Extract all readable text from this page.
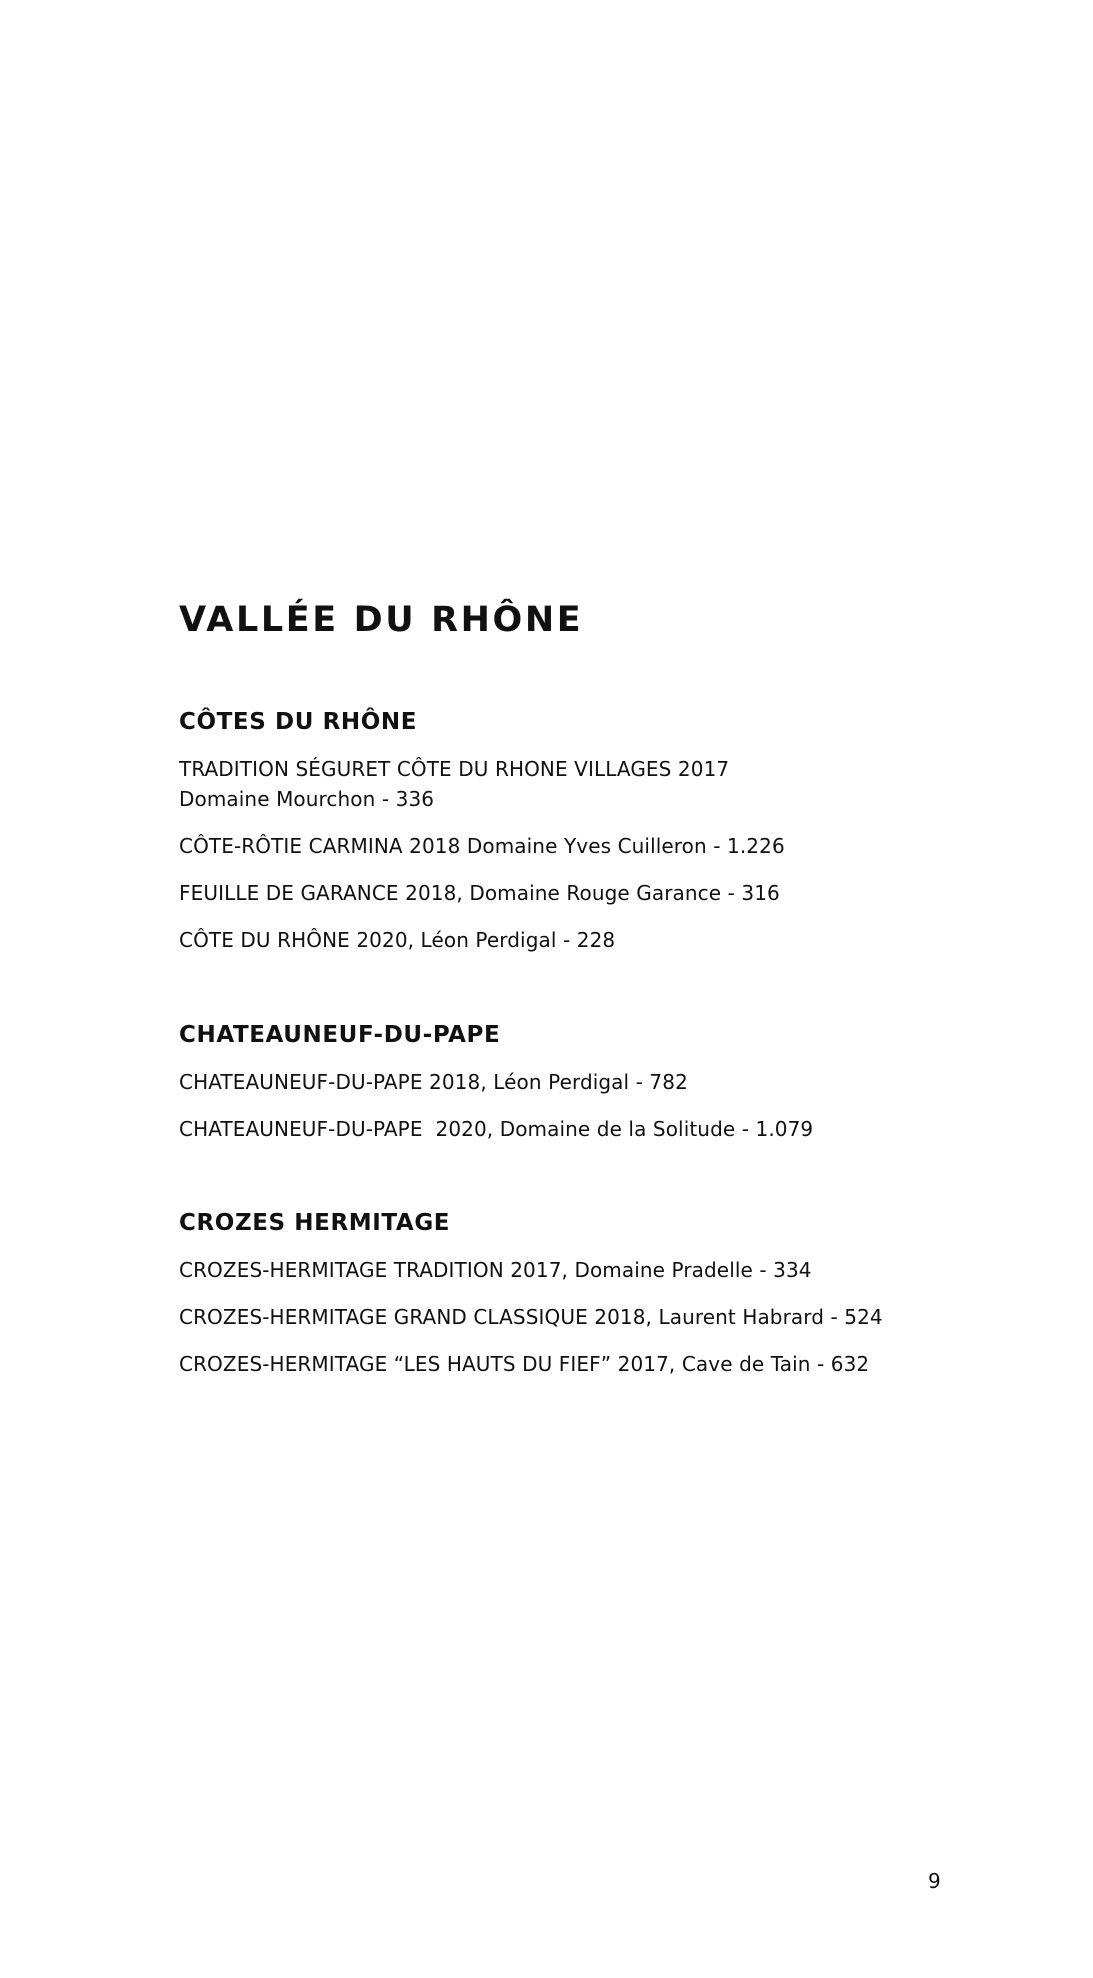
VALLÉE DU RHÔNE
CÔTES DU RHÔNE

TRADITION SÉGURET CÔTE DU RHONE VILLAGES 2017

Domaine Mourchon - 336

CÔTE-RÔTIE CARMINA 2018 Domaine Yves Cuilleron - 1.226

FEUILLE DE GARANCE 2018, Domaine Rouge Garance - 316

CÔTE DU RHÔNE 2020, Léon Perdigal - 228

CHATEAUNEUF-DU-PAPE

CHATEAUNEUF-DU-PAPE 2018, Léon Perdigal - 782

CHATEAUNEUF-DU-PAPE  2020, Domaine de la Solitude - 1.079

CROZES HERMITAGE

CROZES-HERMITAGE TRADITION 2017, Domaine Pradelle - 334

CROZES-HERMITAGE GRAND CLASSIQUE 2018, Laurent Habrard - 524

CROZES-HERMITAGE “LES HAUTS DU FIEF” 2017, Cave de Tain - 632

9
